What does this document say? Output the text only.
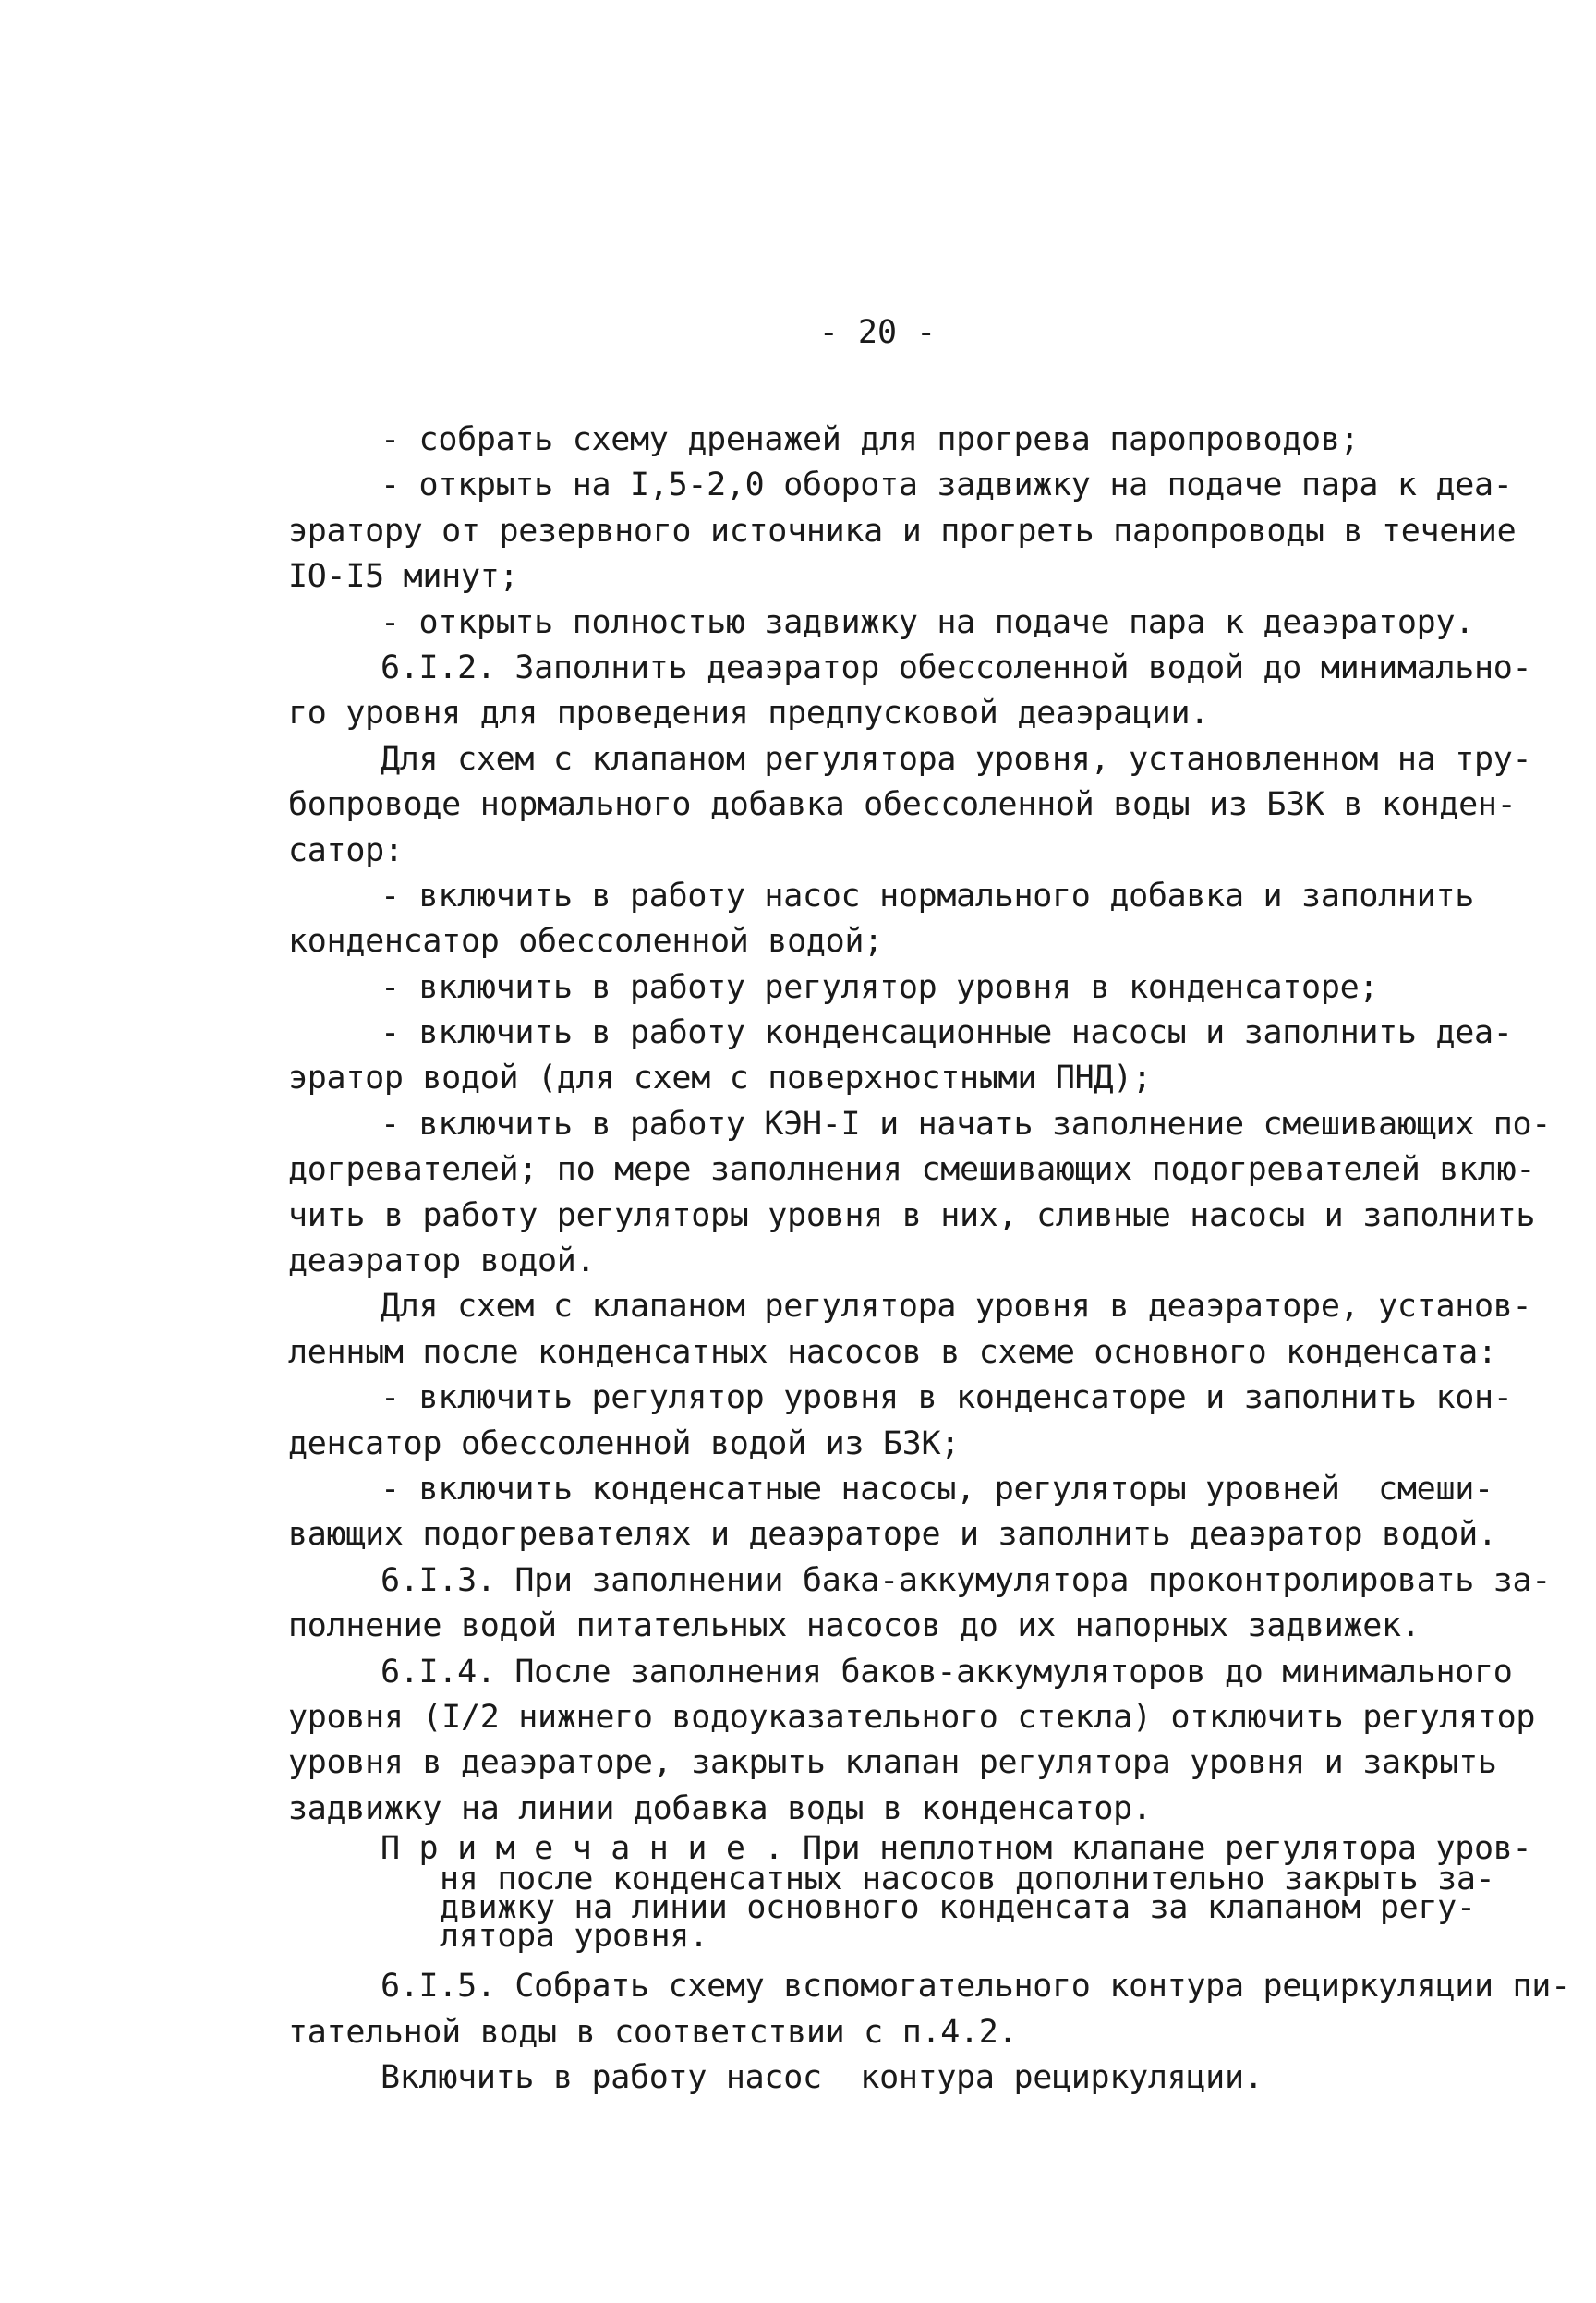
- 20 -
- собрать схему дренажей для прогрева паропроводов;
- открыть на I,5-2,0 оборота задвижку на подаче пара к деа-
эратору от резервного источника и прогреть паропроводы в течение
IO-I5 минут;
- открыть полностью задвижку на подаче пара к деаэратору.
6.I.2. Заполнить деаэратор обессоленной водой до минимально-
го уровня для проведения предпусковой деаэрации.
Для схем с клапаном регулятора уровня, установленном на тру-
бопроводе нормального добавка обессоленной воды из БЗК в конден-
сатор:
- включить в работу насос нормального добавка и заполнить
конденсатор обессоленной водой;
- включить в работу регулятор уровня в конденсаторе;
- включить в работу конденсационные насосы и заполнить деа-
эратор водой (для схем с поверхностными ПНД);
- включить в работу КЭН-I и начать заполнение смешивающих по-
догревателей; по мере заполнения смешивающих подогревателей вклю-
чить в работу регуляторы уровня в них, сливные насосы и заполнить
деаэратор водой.
Для схем с клапаном регулятора уровня в деаэраторе, установ-
ленным после конденсатных насосов в схеме основного конденсата:
- включить регулятор уровня в конденсаторе и заполнить кон-
денсатор обессоленной водой из БЗК;
- включить конденсатные насосы, регуляторы уровней  смеши-
вающих подогревателях и деаэраторе и заполнить деаэратор водой.
6.I.3. При заполнении бака-аккумулятора проконтролировать за-
полнение водой питательных насосов до их напорных задвижек.
6.I.4. После заполнения баков-аккумуляторов до минимального
уровня (I/2 нижнего водоуказательного стекла) отключить регулятор
уровня в деаэраторе, закрыть клапан регулятора уровня и закрыть
задвижку на линии добавка воды в конденсатор.
П р и м е ч а н и е . При неплотном клапане регулятора уров-
ня после конденсатных насосов дополнительно закрыть за-
движку на линии основного конденсата за клапаном регу-
лятора уровня.
6.I.5. Собрать схему вспомогательного контура рециркуляции пи-
тательной воды в соответствии с п.4.2.
Включить в работу насос  контура рециркуляции.
